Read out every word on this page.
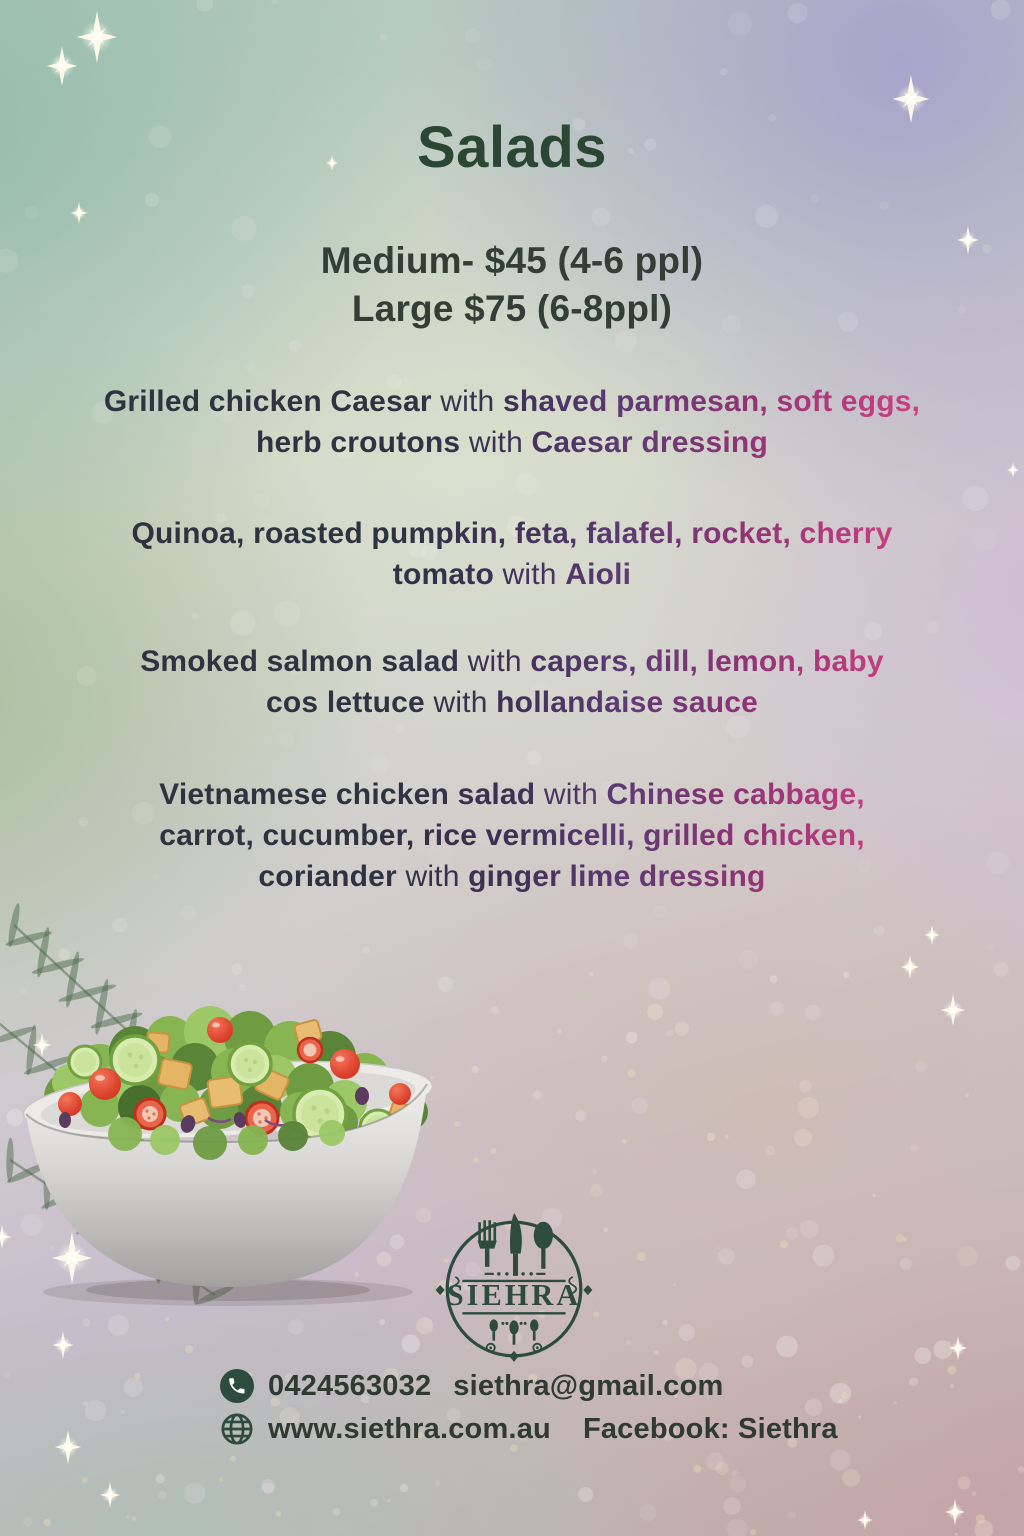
Salads
Medium- $45 (4-6 ppl)
Large $75 (6-8ppl)
Grilled chicken Caesar with shaved parmesan, soft eggs,
herb croutons with Caesar dressing
Quinoa, roasted pumpkin, feta, falafel, rocket, cherry
tomato with Aioli
Smoked salmon salad with capers, dill, lemon, baby
cos lettuce with hollandaise sauce
Vietnamese chicken salad with Chinese cabbage,
carrot, cucumber, rice vermicelli, grilled chicken,
coriander with ginger lime dressing
SIEHRA
0424563032 siethra@gmail.com
www.siethra.com.au Facebook: Siethra
